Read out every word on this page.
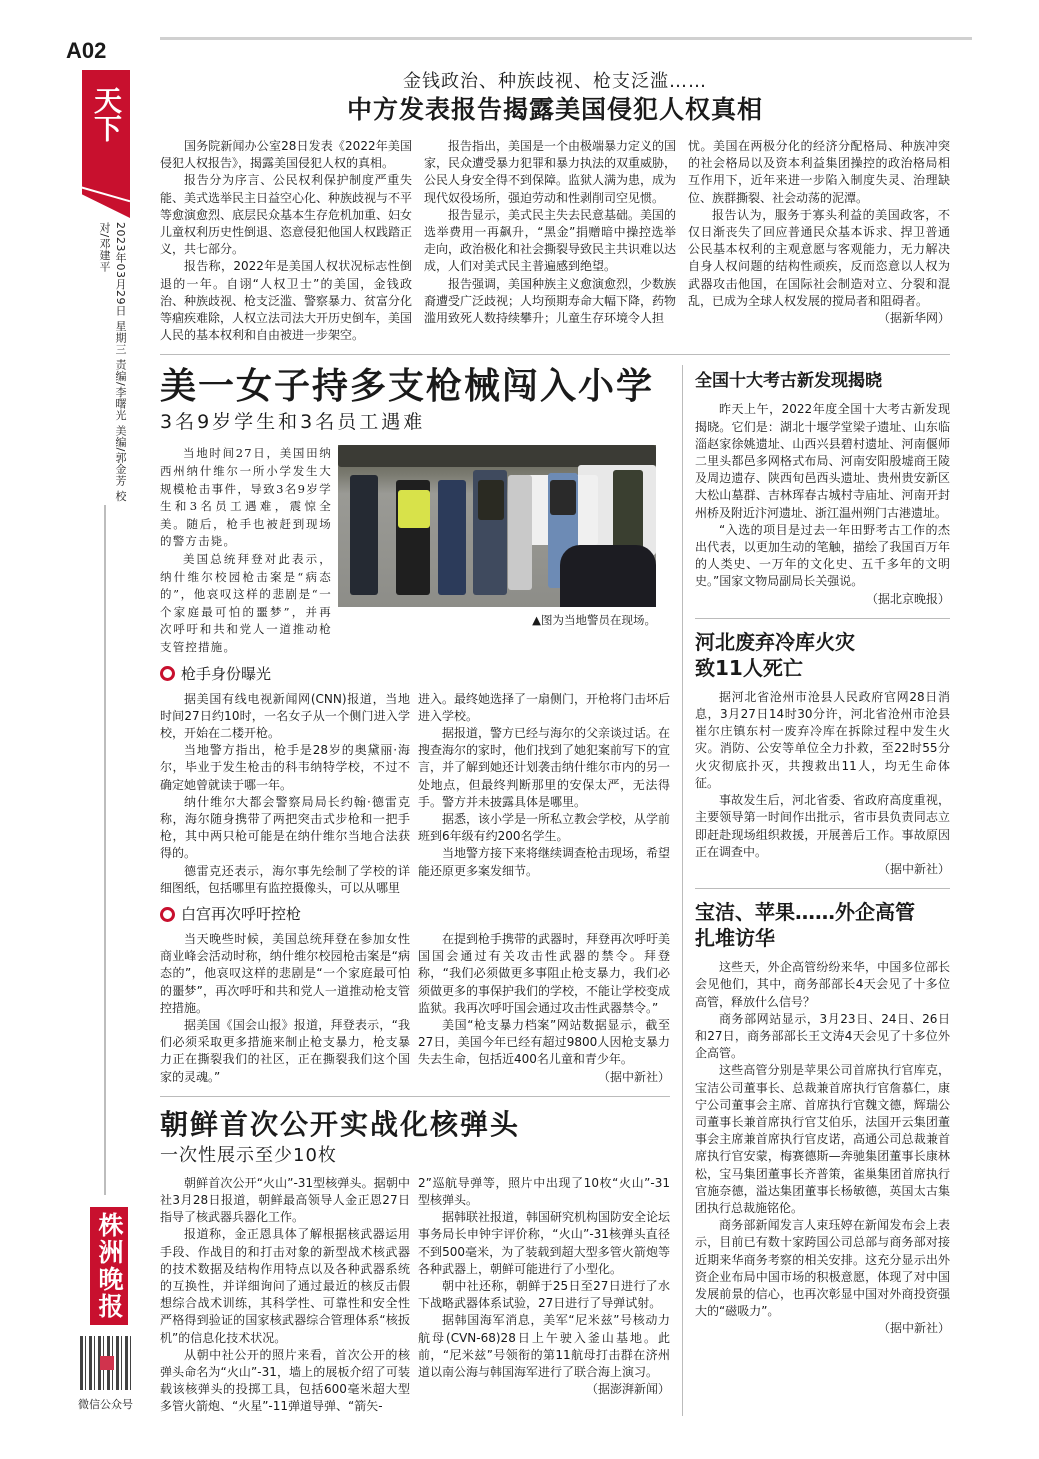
A02
天下
2023年03月29日 星期三 责编/李曙光 美编/郭金芳 校对/邓建平
株洲晚报
微信公众号
金钱政治、种族歧视、枪支泛滥……
中方发表报告揭露美国侵犯人权真相

国务院新闻办公室28日发表《2022年美国侵犯人权报告》，揭露美国侵犯人权的真相。

报告分为序言、公民权利保护制度严重失能、美式选举民主日益空心化、种族歧视与不平等愈演愈烈、底层民众基本生存危机加重、妇女儿童权利历史性倒退、恣意侵犯他国人权践踏正义，共七部分。

报告称，2022年是美国人权状况标志性倒退的一年。自诩“人权卫士”的美国，金钱政治、种族歧视、枪支泛滥、警察暴力、贫富分化等痼疾难除，人权立法司法大开历史倒车，美国人民的基本权利和自由被进一步架空。

报告指出，美国是一个由极端暴力定义的国家，民众遭受暴力犯罪和暴力执法的双重威胁，公民人身安全得不到保障。监狱人满为患，成为现代奴役场所，强迫劳动和性剥削司空见惯。

报告显示，美式民主失去民意基础。美国的选举费用一再飙升，“黑金”捐赠暗中操控选举走向，政治极化和社会撕裂导致民主共识难以达成，人们对美式民主普遍感到绝望。

报告强调，美国种族主义愈演愈烈，少数族裔遭受广泛歧视；人均预期寿命大幅下降，药物滥用致死人数持续攀升；儿童生存环境令人担

忧。美国在两极分化的经济分配格局、种族冲突的社会格局以及资本利益集团操控的政治格局相互作用下，近年来进一步陷入制度失灵、治理缺位、族群撕裂、社会动荡的泥潭。

报告认为，服务于寡头利益的美国政客，不仅日渐丧失了回应普通民众基本诉求、捍卫普通公民基本权利的主观意愿与客观能力，无力解决自身人权问题的结构性顽疾，反而恣意以人权为武器攻击他国，在国际社会制造对立、分裂和混乱，已成为全球人权发展的搅局者和阻碍者。

（据新华网）
美一女子持多支枪械闯入小学
3名9岁学生和3名员工遇难

当地时间27日，美国田纳西州纳什维尔一所小学发生大规模枪击事件，导致3名9岁学生和3名员工遇难，震惊全美。随后，枪手也被赶到现场的警方击毙。

美国总统拜登对此表示，纳什维尔校园枪击案是“病态的”，他哀叹这样的悲剧是“一个家庭最可怕的噩梦”，并再次呼吁和共和党人一道推动枪支管控措施。

▲图为当地警员在现场。
枪手身份曝光

据美国有线电视新闻网(CNN)报道，当地时间27日约10时，一名女子从一个侧门进入学校，开始在二楼开枪。

当地警方指出，枪手是28岁的奥黛丽·海尔，毕业于发生枪击的科韦纳特学校，不过不确定她曾就读于哪一年。

纳什维尔大都会警察局局长约翰·德雷克称，海尔随身携带了两把突击式步枪和一把手枪，其中两只枪可能是在纳什维尔当地合法获得的。

德雷克还表示，海尔事先绘制了学校的详细图纸，包括哪里有监控摄像头，可以从哪里

进入。最终她选择了一扇侧门，开枪将门击坏后进入学校。

据报道，警方已经与海尔的父亲谈过话。在搜查海尔的家时，他们找到了她犯案前写下的宣言，并了解到她还计划袭击纳什维尔市内的另一处地点，但最终判断那里的安保太严，无法得手。警方并未披露具体是哪里。

据悉，该小学是一所私立教会学校，从学前班到6年级有约200名学生。

当地警方接下来将继续调查枪击现场，希望能还原更多案发细节。

白宫再次呼吁控枪

当天晚些时候，美国总统拜登在参加女性商业峰会活动时称，纳什维尔校园枪击案是“病态的”，他哀叹这样的悲剧是“一个家庭最可怕的噩梦”，再次呼吁和共和党人一道推动枪支管控措施。

据美国《国会山报》报道，拜登表示，“我们必须采取更多措施来制止枪支暴力，枪支暴力正在撕裂我们的社区，正在撕裂我们这个国家的灵魂。”

在提到枪手携带的武器时，拜登再次呼吁美国国会通过有关攻击性武器的禁令。拜登称，“我们必须做更多事阻止枪支暴力，我们必须做更多的事保护我们的学校，不能让学校变成监狱。我再次呼吁国会通过攻击性武器禁令。”

美国“枪支暴力档案”网站数据显示，截至27日，美国今年已经有超过9800人因枪支暴力失去生命，包括近400名儿童和青少年。

（据中新社）
朝鲜首次公开实战化核弹头
一次性展示至少10枚

朝鲜首次公开“火山”-31型核弹头。据朝中社3月28日报道，朝鲜最高领导人金正恩27日指导了核武器兵器化工作。

报道称，金正恩具体了解根据核武器运用手段、作战目的和打击对象的新型战术核武器的技术数据及结构作用特点以及各种武器系统的互换性，并详细询问了通过最近的核反击假想综合战术训练，其科学性、可靠性和安全性严格得到验证的国家核武器综合管理体系“核扳机”的信息化技术状况。

从朝中社公开的照片来看，首次公开的核弹头命名为“火山”-31，墙上的展板介绍了可装载该核弹头的投掷工具，包括600毫米超大型多管火箭炮、“火星”-11弹道导弹、“箭矢-

2”巡航导弹等，照片中出现了10枚“火山”-31型核弹头。

据韩联社报道，韩国研究机构国防安全论坛事务局长申钟宇评价称，“火山”-31核弹头直径不到500毫米，为了装载到超大型多管火箭炮等各种武器上，朝鲜可能进行了小型化。

朝中社还称，朝鲜于25日至27日进行了水下战略武器体系试验，27日进行了导弹试射。

据韩国海军消息，美军“尼米兹”号核动力航母(CVN-68)28日上午驶入釜山基地。此前，“尼米兹”号领衔的第11航母打击群在济州道以南公海与韩国海军进行了联合海上演习。

（据澎湃新闻）
全国十大考古新发现揭晓

昨天上午，2022年度全国十大考古新发现揭晓。它们是：湖北十堰学堂梁子遗址、山东临淄赵家徐姚遗址、山西兴县碧村遗址、河南偃师二里头都邑多网格式布局、河南安阳殷墟商王陵及周边遗存、陕西旬邑西头遗址、贵州贵安新区大松山墓群、吉林珲春古城村寺庙址、河南开封州桥及附近汴河遗址、浙江温州朔门古港遗址。

“入选的项目是过去一年田野考古工作的杰出代表，以更加生动的笔触，描绘了我国百万年的人类史、一万年的文化史、五千多年的文明史。”国家文物局副局长关强说。

（据北京晚报）
河北废弃冷库火灾
致11人死亡

据河北省沧州市沧县人民政府官网28日消息，3月27日14时30分许，河北省沧州市沧县崔尔庄镇东村一废弃冷库在拆除过程中发生火灾。消防、公安等单位全力扑救，至22时55分火灾彻底扑灭，共搜救出11人，均无生命体征。

事故发生后，河北省委、省政府高度重视，主要领导第一时间作出批示，省市县负责同志立即赶赴现场组织救援，开展善后工作。事故原因正在调查中。

（据中新社）
宝洁、苹果……外企高管
扎堆访华

这些天，外企高管纷纷来华，中国多位部长会见他们，其中，商务部部长4天会见了十多位高管，释放什么信号？

商务部网站显示，3月23日、24日、26日和27日，商务部部长王文涛4天会见了十多位外企高管。

这些高管分别是苹果公司首席执行官库克，宝洁公司董事长、总裁兼首席执行官詹慕仁，康宁公司董事会主席、首席执行官魏文德，辉瑞公司董事长兼首席执行官艾伯乐，法国开云集团董事会主席兼首席执行官皮诺，高通公司总裁兼首席执行官安蒙，梅赛德斯—奔驰集团董事长康林松，宝马集团董事长齐普策，雀巢集团首席执行官施奈德，溢达集团董事长杨敏德，英国太古集团执行总裁施铭伦。

商务部新闻发言人束珏婷在新闻发布会上表示，目前已有数十家跨国公司总部与商务部对接近期来华商务考察的相关安排。这充分显示出外资企业布局中国市场的积极意愿，体现了对中国发展前景的信心，也再次彰显中国对外商投资强大的“磁吸力”。

（据中新社）
